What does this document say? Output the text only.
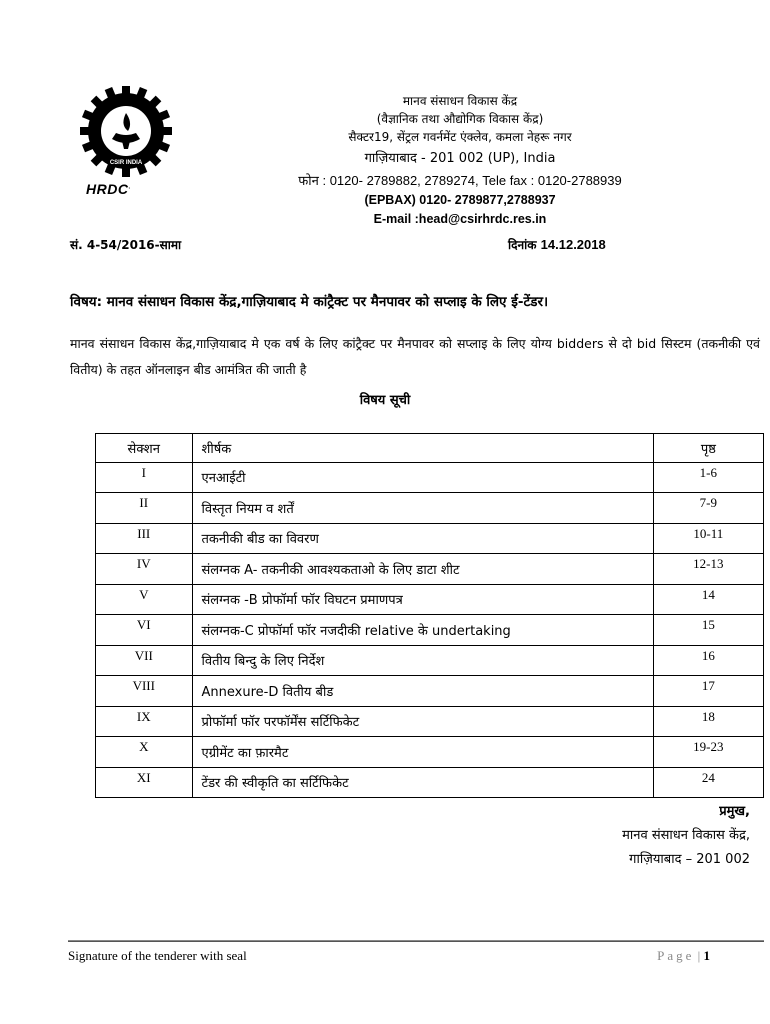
CSIR INDIA
HRDC.
मानव संसाधन विकास केंद्र
(वैज्ञानिक तथा औद्योगिक विकास केंद्र)
सैक्टर19, सेंट्रल गवर्नमेंट एंक्लेव, कमला नेहरू नगर
गाज़ियाबाद - 201 002 (UP), India
फोन : 0120- 2789882, 2789274, Tele fax : 0120-2788939
(EPBAX) 0120- 2789877,2788937
E-mail :head@csirhrdc.res.in
सं. 4-54/2016-सामा	दिनांक 14.12.2018
विषय: मानव संसाधन विकास केंद्र,गाज़ियाबाद मे कांट्रैक्ट पर मैनपावर को सप्लाइ के लिए ई-टेंडर।
मानव संसाधन विकास केंद्र,गाज़ियाबाद मे एक वर्ष के लिए कांट्रैक्ट पर मैनपावर को सप्लाइ के लिए योग्य bidders से दो bid सिस्टम (तकनीकी एवं वितीय) के तहत ऑनलाइन बीड आमंत्रित की जाती है
विषय सूची
सेक्शन	शीर्षक	पृष्ठ
I	एनआईटी	1-6
II	विस्तृत नियम व शर्तें	7-9
III	तकनीकी बीड का विवरण	10-11
IV	संलग्नक A- तकनीकी आवश्यकताओ के लिए डाटा शीट	12-13
V	संलग्नक -B प्रोफॉर्मा फॉर विघटन प्रमाणपत्र	14
VI	संलग्नक-C प्रोफॉर्मा फॉर नजदीकी relative के undertaking	15
VII	वितीय बिन्दु के लिए निर्देश	16
VIII	Annexure-D वितीय बीड	17
IX	प्रोफॉर्मा फॉर परफॉर्मेंस सर्टिफिकेट	18
X	एग्रीमेंट का फ़ारमैट	19-23
XI	टेंडर की स्वीकृति का सर्टिफिकेट	24
प्रमुख,
मानव संसाधन विकास केंद्र,
गाज़ियाबाद – 201 002
Signature of the tenderer with seal	Page | 1
